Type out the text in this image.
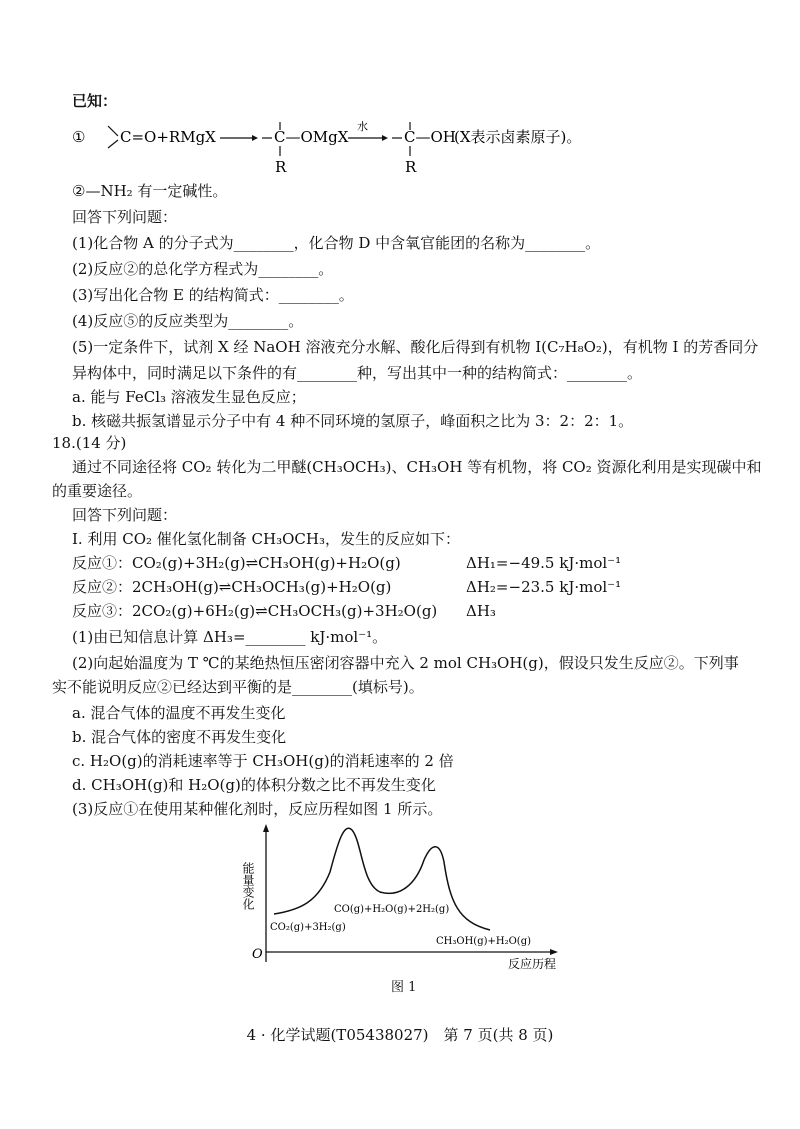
已知：
① C=O+RMgX	C—OMgX
R
水
C—OH
R
(X表示卤素原子)。
②—NH₂ 有一定碱性。
回答下列问题：
(1)化合物 A 的分子式为________，化合物 D 中含氧官能团的名称为________。
(2)反应②的总化学方程式为________。
(3)写出化合物 E 的结构简式：________。
(4)反应⑤的反应类型为________。
(5)一定条件下，试剂 X 经 NaOH 溶液充分水解、酸化后得到有机物 I(C₇H₈O₂)，有机物 I 的芳香同分
异构体中，同时满足以下条件的有________种，写出其中一种的结构简式：________。
a. 能与 FeCl₃ 溶液发生显色反应；
b. 核磁共振氢谱显示分子中有 4 种不同环境的氢原子，峰面积之比为 3：2：2：1。
18.(14 分)
通过不同途径将 CO₂ 转化为二甲醚(CH₃OCH₃)、CH₃OH 等有机物，将 CO₂ 资源化利用是实现碳中和
的重要途径。
回答下列问题：
Ⅰ. 利用 CO₂ 催化氢化制备 CH₃OCH₃，发生的反应如下：
反应①：CO₂(g)+3H₂(g)⇌CH₃OH(g)+H₂O(g)	ΔH₁=−49.5 kJ·mol⁻¹
反应②：2CH₃OH(g)⇌CH₃OCH₃(g)+H₂O(g)	ΔH₂=−23.5 kJ·mol⁻¹
反应③：2CO₂(g)+6H₂(g)⇌CH₃OCH₃(g)+3H₂O(g) ΔH₃
(1)由已知信息计算 ΔH₃=________ kJ·mol⁻¹。
(2)向起始温度为 T ℃的某绝热恒压密闭容器中充入 2 mol CH₃OH(g)，假设只发生反应②。下列事
实不能说明反应②已经达到平衡的是________(填标号)。
a. 混合气体的温度不再发生变化
b. 混合气体的密度不再发生变化
c. H₂O(g)的消耗速率等于 CH₃OH(g)的消耗速率的 2 倍
d. CH₃OH(g)和 H₂O(g)的体积分数之比不再发生变化
(3)反应①在使用某种催化剂时，反应历程如图 1 所示。
能量变化
O
反应历程
CO₂(g)+3H₂(g)
CO(g)+H₂O(g)+2H₂(g)
CH₃OH(g)+H₂O(g)
图 1
4 · 化学试题(T05438027)　第 7 页(共 8 页)
